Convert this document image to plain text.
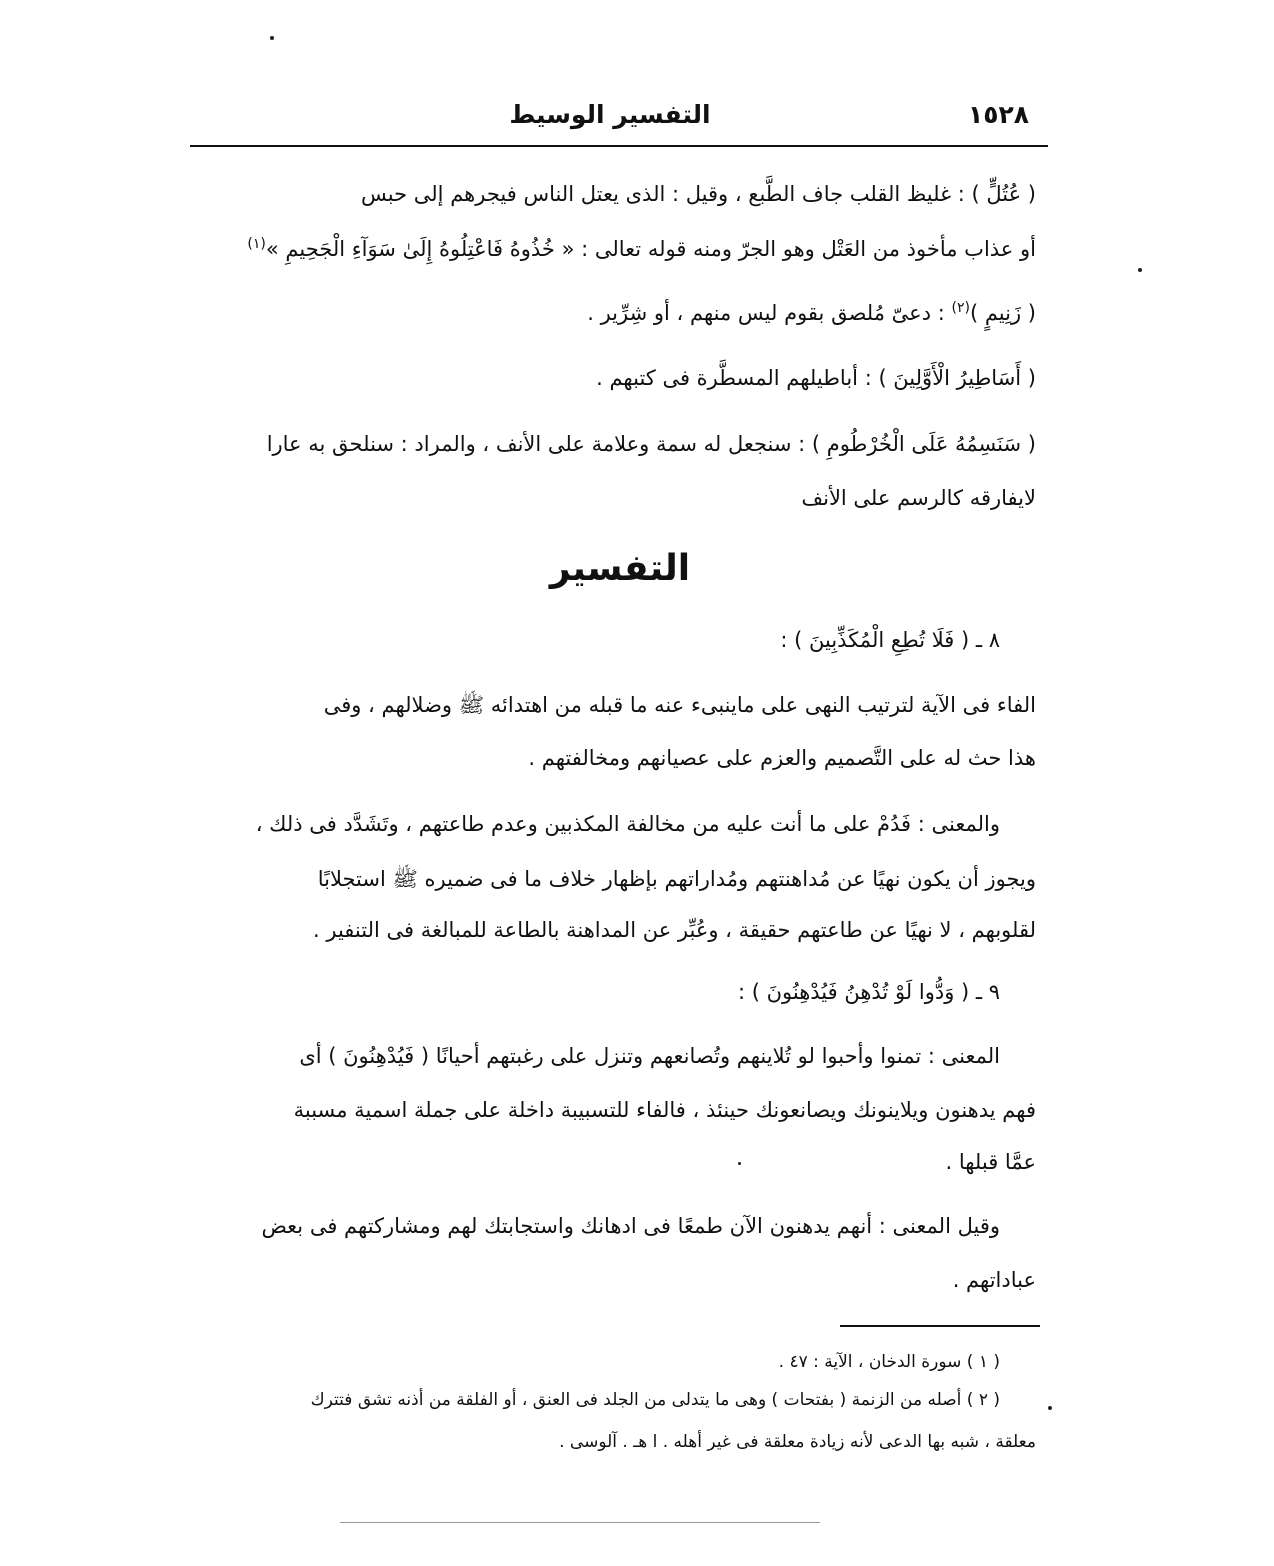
١٥٢٨
التفسير الوسيط
( عُتُلٍّ ) : غليظ القلب جاف الطَّبع ، وقيل : الذى يعتل الناس فيجرهم إلى حبس
أو عذاب مأخوذ من العَتْل وهو الجرّ ومنه قوله تعالى : « خُذُوهُ فَاعْتِلُوهُ إِلَىٰ سَوَآءِ الْجَحِيمِ »$^{(١)}$
( زَنِيمٍ )$^{(٢)}$ : دعىّ مُلصق بقوم ليس منهم ، أو شِرِّير .
( أَسَاطِيرُ الْأَوَّلِينَ ) : أباطيلهم المسطَّرة فى كتبهم .
( سَنَسِمُهُ عَلَى الْخُرْطُومِ ) : سنجعل له سمة وعلامة على الأنف ، والمراد : سنلحق به عارا
لايفارقه كالرسم على الأنف
التفسير
٨ ـ ( فَلَا تُطِعِ الْمُكَذِّبِينَ ) :
الفاء فى الآية لترتيب النهى على ماينبىء عنه ما قبله من اهتدائه ﷺ وضلالهم ، وفى
هذا حث له على التَّصميم والعزم على عصيانهم ومخالفتهم .
والمعنى : فَدُمْ على ما أنت عليه من مخالفة المكذبين وعدم طاعتهم ، وتَشَدَّد فى ذلك ،
ويجوز أن يكون نهيًا عن مُداهنتهم ومُداراتهم بإظهار خلاف ما فى ضميره ﷺ استجلابًا
لقلوبهم ، لا نهيًا عن طاعتهم حقيقة ، وعُبِّر عن المداهنة بالطاعة للمبالغة فى التنفير .
٩ ـ ( وَدُّوا لَوْ تُدْهِنُ فَيُدْهِنُونَ ) :
المعنى : تمنوا وأحبوا لو تُلاينهم وتُصانعهم وتنزل على رغبتهم أحيانًا ( فَيُدْهِنُونَ ) أى
فهم يدهنون ويلاينونك ويصانعونك حينئذ ، فالفاء للتسبيبة داخلة على جملة اسمية مسببة
عمَّا قبلها .
وقيل المعنى : أنهم يدهنون الآن طمعًا فى ادهانك واستجابتك لهم ومشاركتهم فى بعض
عباداتهم .
( ١ ) سورة الدخان ، الآية : ٤٧ .
( ٢ ) أصله من الزنمة ( بفتحات ) وهى ما يتدلى من الجلد فى العنق ، أو الفلقة من أذنه تشق فتترك
معلقة ، شبه بها الدعى لأنه زيادة معلقة فى غير أهله . ا هـ . آلوسى .
